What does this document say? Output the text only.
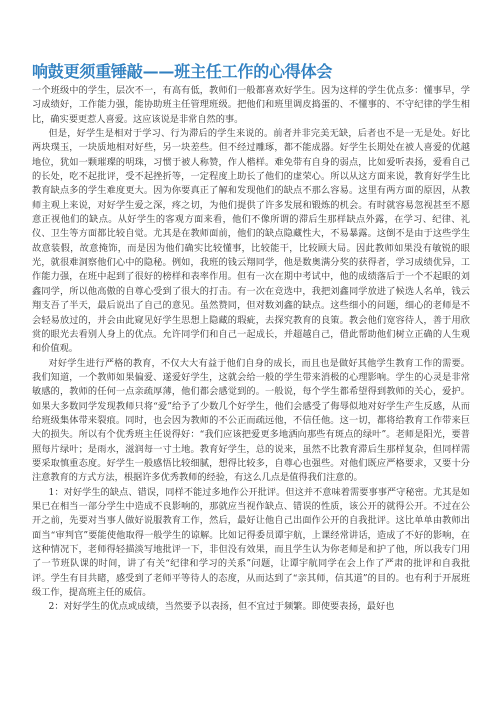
响鼓更须重锤敲——班主任工作的心得体会

一个班级中的学生，层次不一，有高有低，教师们一般都喜欢好学生。因为这样的学生优点多：懂事早，学习成绩好，工作能力强，能协助班主任管理班级。把他们和班里调皮捣蛋的、不懂事的、不守纪律的学生相比，确实要更惹人喜爱。这应该说是非常自然的事。

但是，好学生是相对于学习、行为滞后的学生来说的。前者并非完美无缺，后者也不是一无是处。好比两块璞玉，一块质地相对好些，另一块差些。但不经过雕琢，都不能成器。好学生长期处在被人喜爱的优越地位，犹如一颗璀璨的明珠，习惯于被人称赞，作人楷样。难免带有自身的弱点，比如爱听表扬，爱看自己的长处，吃不起批评，受不起挫折等，一定程度上助长了他们的虚荣心。所以从这方面来说，教育好学生比教育缺点多的学生难度更大。因为你要真正了解和发现他们的缺点不那么容易。这里有两方面的原因，从教师主观上来说，对好学生爱之深，疼之切，为他们提供了许多发展和锻炼的机会。有时就容易忽视甚至不愿意正视他们的缺点。从好学生的客观方面来看，他们不像所谓的滞后生那样缺点外露，在学习、纪律、礼仪、卫生等方面都比较自觉。尤其是在教师面前，他们的缺点隐藏性大，不易暴露。这倒不是由于这些学生故意装假，故意掩饰，而是因为他们确实比较懂事，比较能干，比较顾大局。因此教师如果没有敏锐的眼光，就很难洞察他们心中的隐秘。例如，我班的钱云翔同学，他是数奥满分奖的获得者，学习成绩优异，工作能力强，在班中起到了很好的榜样和表率作用。但有一次在期中考试中，他的成绩落后于一个不起眼的刘鑫同学，所以他高傲的自尊心受到了很大的打击。有一次在竞选中，我把刘鑫同学放进了候选人名单，钱云翔支吾了半天，最后说出了自己的意见。虽然赞同，但对数刘鑫的缺点。这些细小的问题，细心的老师是不会轻易放过的，并会由此窥见好学生思想上隐藏的瑕疵，去探究教育的良策。教会他们宽容待人，善于用欣赏的眼光去看别人身上的优点。允许同学们和自己一起成长，并超越自己，借此帮助他们树立正确的人生观和价值观。

对好学生进行严格的教育，不仅大大有益于他们自身的成长，而且也是做好其他学生教育工作的需要。我们知道，一个教师如果偏爱、遂爱好学生，这就会给一般的学生带来消极的心理影响。学生的心灵是非常敏感的，教师的任何一点亲疏厚薄，他们都会感觉到的。一般说，每个学生都希望得到教师的关心，爱护。如果大多数同学发现教师只将“爱”给予了少数几个好学生，他们会感受了侮辱似地对好学生产生反感，从而给班级集体带来裂痕。同时，也会因为教师的不公正而疏远他，不信任他。这一切，都将给教育工作带来巨大的损失。所以有个优秀班主任说得好：“我们应该把爱更多地洒向那些有斑点的绿叶”。老师是阳光，要普照每片绿叶；是雨水，滋润每一寸土地。教育好学生，总的说来，虽然不比教育滞后生那样复杂，但同样需要采取慎重态度。好学生一般感悟比较细腻，想得比较多，自尊心也强些。对他们既应严格要求，又要十分注意教育的方式方法，根据许多优秀教师的经验，有这么几点是值得我们注意的。

1：对好学生的缺点、错误，同样不能过多地作公开批评。但这并不意味着需要事事严守秘密。尤其是如果已在相当一部分学生中造成不良影响的，那就应当视作缺点、错误的性质，该公开的就得公开。不过在公开之前，先要对当事人做好说服教育工作，然后，最好让他自己出面作公开的自我批评。这比单单由教师出面当“审判官”要能使他取得一般学生的谅解。比如记得委员谭宇航，上课经常讲话，造成了不好的影响，在这种情况下，老师得轻描淡写地批评一下，非但没有效果，而且学生认为你老师是和护了他，所以我专门用了一节班队课的时间，讲了有关“纪律和学习的关系”问题，让谭宇航同学在会上作了严肃的批评和自我批评。学生有目共睹，感受到了老师平等待人的态度，从而达到了“亲其师，信其道”的目的。也有利于开展班级工作，提高班主任的威信。

2：对好学生的优点或成绩，当然要予以表扬，但不宜过于频繁。即使要表扬，最好也
